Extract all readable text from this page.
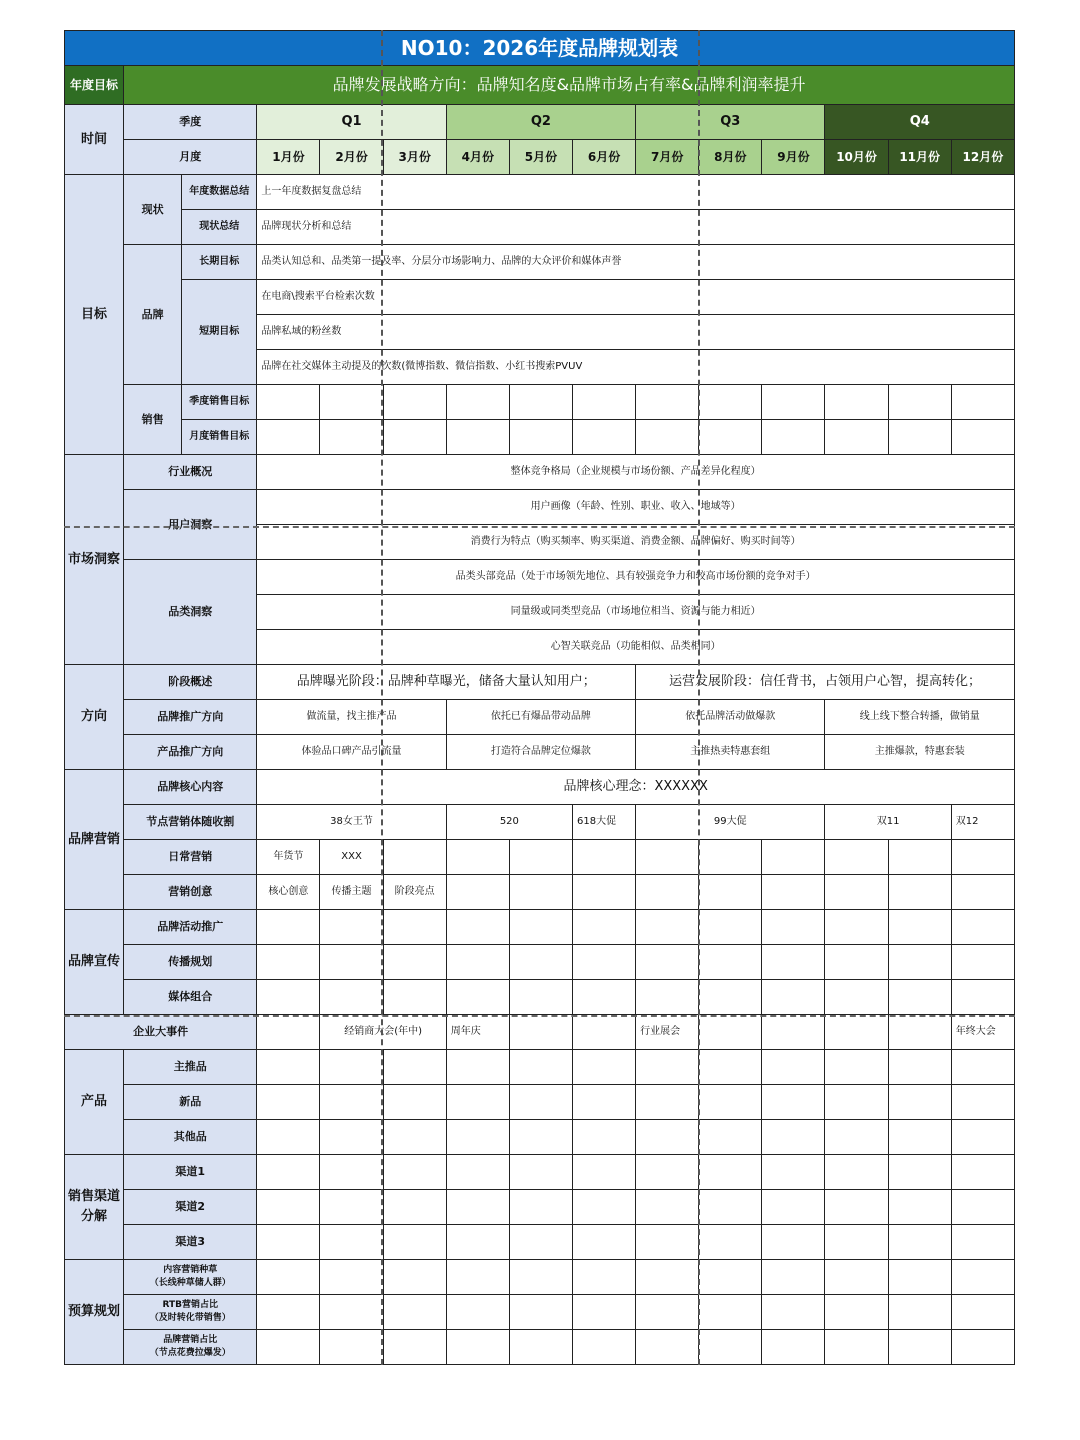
NO10：2026年度品牌规划表														
年度目标	品牌发展战略方向：品牌知名度&品牌市场占有率&品牌利润率提升													
时间	季度		Q1			Q2			Q3			Q4		
	月度		1月份	2月份	3月份	4月份	5月份	6月份	7月份	8月份	9月份	10月份	11月份	12月份
目标	现状	年度数据总结	上一年度数据复盘总结											
		现状总结	品牌现状分析和总结											
	品牌	长期目标	品类认知总和、品类第一提及率、分层分市场影响力、品牌的大众评价和媒体声誉											
		短期目标	在电商\搜索平台检索次数											
			品牌私域的粉丝数											
			品牌在社交媒体主动提及的次数(微博指数、微信指数、小红书搜索PVUV											
	销售	季度销售目标												
		月度销售目标												
市场洞察	行业概况		整体竞争格局（企业规模与市场份额、产品差异化程度）											
	用户洞察		用户画像（年龄、性别、职业、收入、地域等）											
			消费行为特点（购买频率、购买渠道、消费金额、品牌偏好、购买时间等）											
	品类洞察		品类头部竞品（处于市场领先地位、具有较强竞争力和较高市场份额的竞争对手）											
			同量级或同类型竞品（市场地位相当、资源与能力相近）											
			心智关联竞品（功能相似、品类相同）											
方向	阶段概述		品牌曝光阶段：品牌种草曝光，储备大量认知用户；						运营发展阶段：信任背书，占领用户心智，提高转化；					
	品牌推广方向		做流量，找主推产品			依托已有爆品带动品牌			依托品牌活动做爆款			线上线下整合转播，做销量		
	产品推广方向		体验品口碑产品引流量			打造符合品牌定位爆款			主推热卖特惠套组			主推爆款，特惠套装		
品牌营销	品牌核心内容		品牌核心理念：XXXXXX											
	节点营销体随收割		38女王节			520		618大促	99大促			双11		双12
	日常营销		年货节	XXX										
	营销创意		核心创意	传播主题	阶段亮点									
品牌宣传	品牌活动推广													
	传播规划													
	媒体组合													
企业大事件				经销商大会(年中)		周年庆			行业展会					年终大会
产品	主推品													
	新品													
	其他品													
销售渠道分解	渠道1													
	渠道2													
	渠道3													
预算规划	内容营销种草
（长线种草储人群）													
	RTB营销占比
（及时转化带销售）													
	品牌营销占比
（节点花费拉爆发）													
